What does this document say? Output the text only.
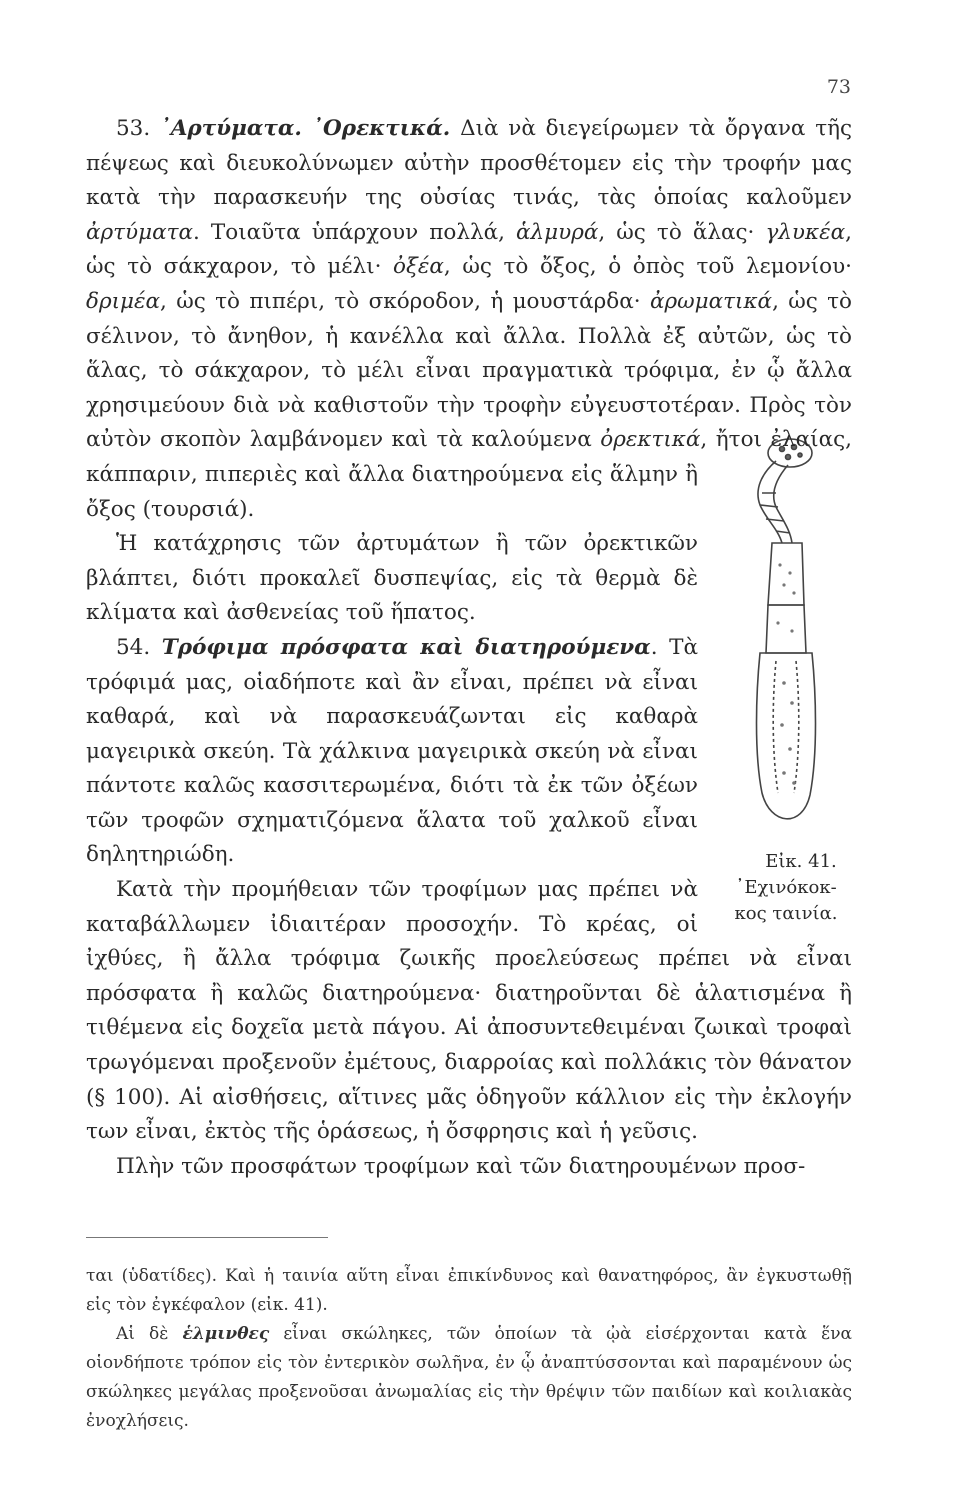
73

53. ᾿Αρτύματα. ᾿Ορεκτικά. Διὰ νὰ διεγείρωμεν τὰ ὄργανα τῆς πέψεως καὶ διευκολύνωμεν αὐτὴν προσθέτομεν εἰς τὴν τροφήν μας κατὰ τὴν παρασκευήν της οὐσίας τινάς, τὰς ὁποίας καλοῦμεν ἀρτύματα. Τοιαῦτα ὑπάρχουν πολλά, ἁλμυρά, ὡς τὸ ἅλας· γλυκέα, ὡς τὸ σάκχαρον, τὸ μέλι· ὀξέα, ὡς τὸ ὄξος, ὁ ὀπὸς τοῦ λεμονίου· δριμέα, ὡς τὸ πιπέρι, τὸ σκόροδον, ἡ μουστάρδα· ἀρωματικά, ὡς τὸ σέλινον, τὸ ἄνηθον, ἡ κανέλλα καὶ ἄλλα. Πολλὰ ἐξ αὐτῶν, ὡς τὸ ἅλας, τὸ σάκχαρον, τὸ μέλι εἶναι πραγματικὰ τρόφιμα, ἐν ᾧ ἄλλα χρησιμεύουν διὰ νὰ καθιστοῦν τὴν τροφὴν εὐγευστοτέραν. Πρὸς τὸν αὐτὸν σκοπὸν λαμβάνομεν καὶ τὰ καλούμενα
Εἰκ. 41.
᾿Εχινόκοκ-
κος ταινία.
ὀρεκτικά, ἤτοι ἐλαίας, κάππαριν, πιπεριὲς καὶ ἄλλα διατηρούμενα εἰς ἅλμην ἢ ὄξος (τουρσιά).

Ἡ κατάχρησις τῶν ἀρτυμάτων ἢ τῶν ὀρεκτικῶν βλάπτει, διότι προκαλεῖ δυσπεψίας, εἰς τὰ θερμὰ δὲ κλίματα καὶ ἀσθενείας τοῦ ἥπατος.

54. Τρόφιμα πρόσφατα καὶ διατηρούμενα. Τὰ τρόφιμά μας, οἱαδήποτε καὶ ἂν εἶναι, πρέπει νὰ εἶναι καθαρά, καὶ νὰ παρασκευάζωνται εἰς καθαρὰ μαγειρικὰ σκεύη. Τὰ χάλκινα μαγειρικὰ σκεύη νὰ εἶναι πάντοτε καλῶς κασσιτερωμένα, διότι τὰ ἐκ τῶν ὀξέων τῶν τροφῶν σχηματιζόμενα ἅλατα τοῦ χαλκοῦ εἶναι δηλητηριώδη.

Κατὰ τὴν προμήθειαν τῶν τροφίμων μας πρέπει νὰ καταβάλλωμεν ἰδιαιτέραν προσοχήν. Τὸ κρέας, οἱ ἰχθύες, ἢ ἄλλα τρόφιμα ζωικῆς προελεύσεως πρέπει νὰ εἶναι πρόσφατα ἢ καλῶς διατηρούμενα· διατηροῦνται δὲ ἁλατισμένα ἢ τιθέμενα εἰς δοχεῖα μετὰ πάγου. Αἱ ἀποσυντεθειμέναι ζωικαὶ τροφαὶ τρωγόμεναι προξενοῦν ἐμέτους, διαρροίας καὶ πολλάκις τὸν θάνατον (§ 100). Αἱ αἰσθήσεις, αἵτινες μᾶς ὁδηγοῦν κάλλιον εἰς τὴν ἐκλογήν των εἶναι, ἐκτὸς τῆς ὁράσεως, ἡ ὄσφρησις καὶ ἡ γεῦσις.

Πλὴν τῶν προσφάτων τροφίμων καὶ τῶν διατηρουμένων προσ-

ται (ὑδατίδες). Καὶ ἡ ταινία αὕτη εἶναι ἐπικίνδυνος καὶ θανατηφόρος, ἂν ἐγκυστωθῇ εἰς τὸν ἐγκέφαλον (εἰκ. 41).

Αἱ δὲ ἑλμινθες εἶναι σκώληκες, τῶν ὁποίων τὰ ᾠὰ εἰσέρχονται κατὰ ἕνα οἱονδήποτε τρόπον εἰς τὸν ἐντερικὸν σωλῆνα, ἐν ᾧ ἀναπτύσσονται καὶ παραμένουν ὡς σκώληκες μεγάλας προξενοῦσαι ἀνωμαλίας εἰς τὴν θρέψιν τῶν παιδίων καὶ κοιλιακὰς ἐνοχλήσεις.
